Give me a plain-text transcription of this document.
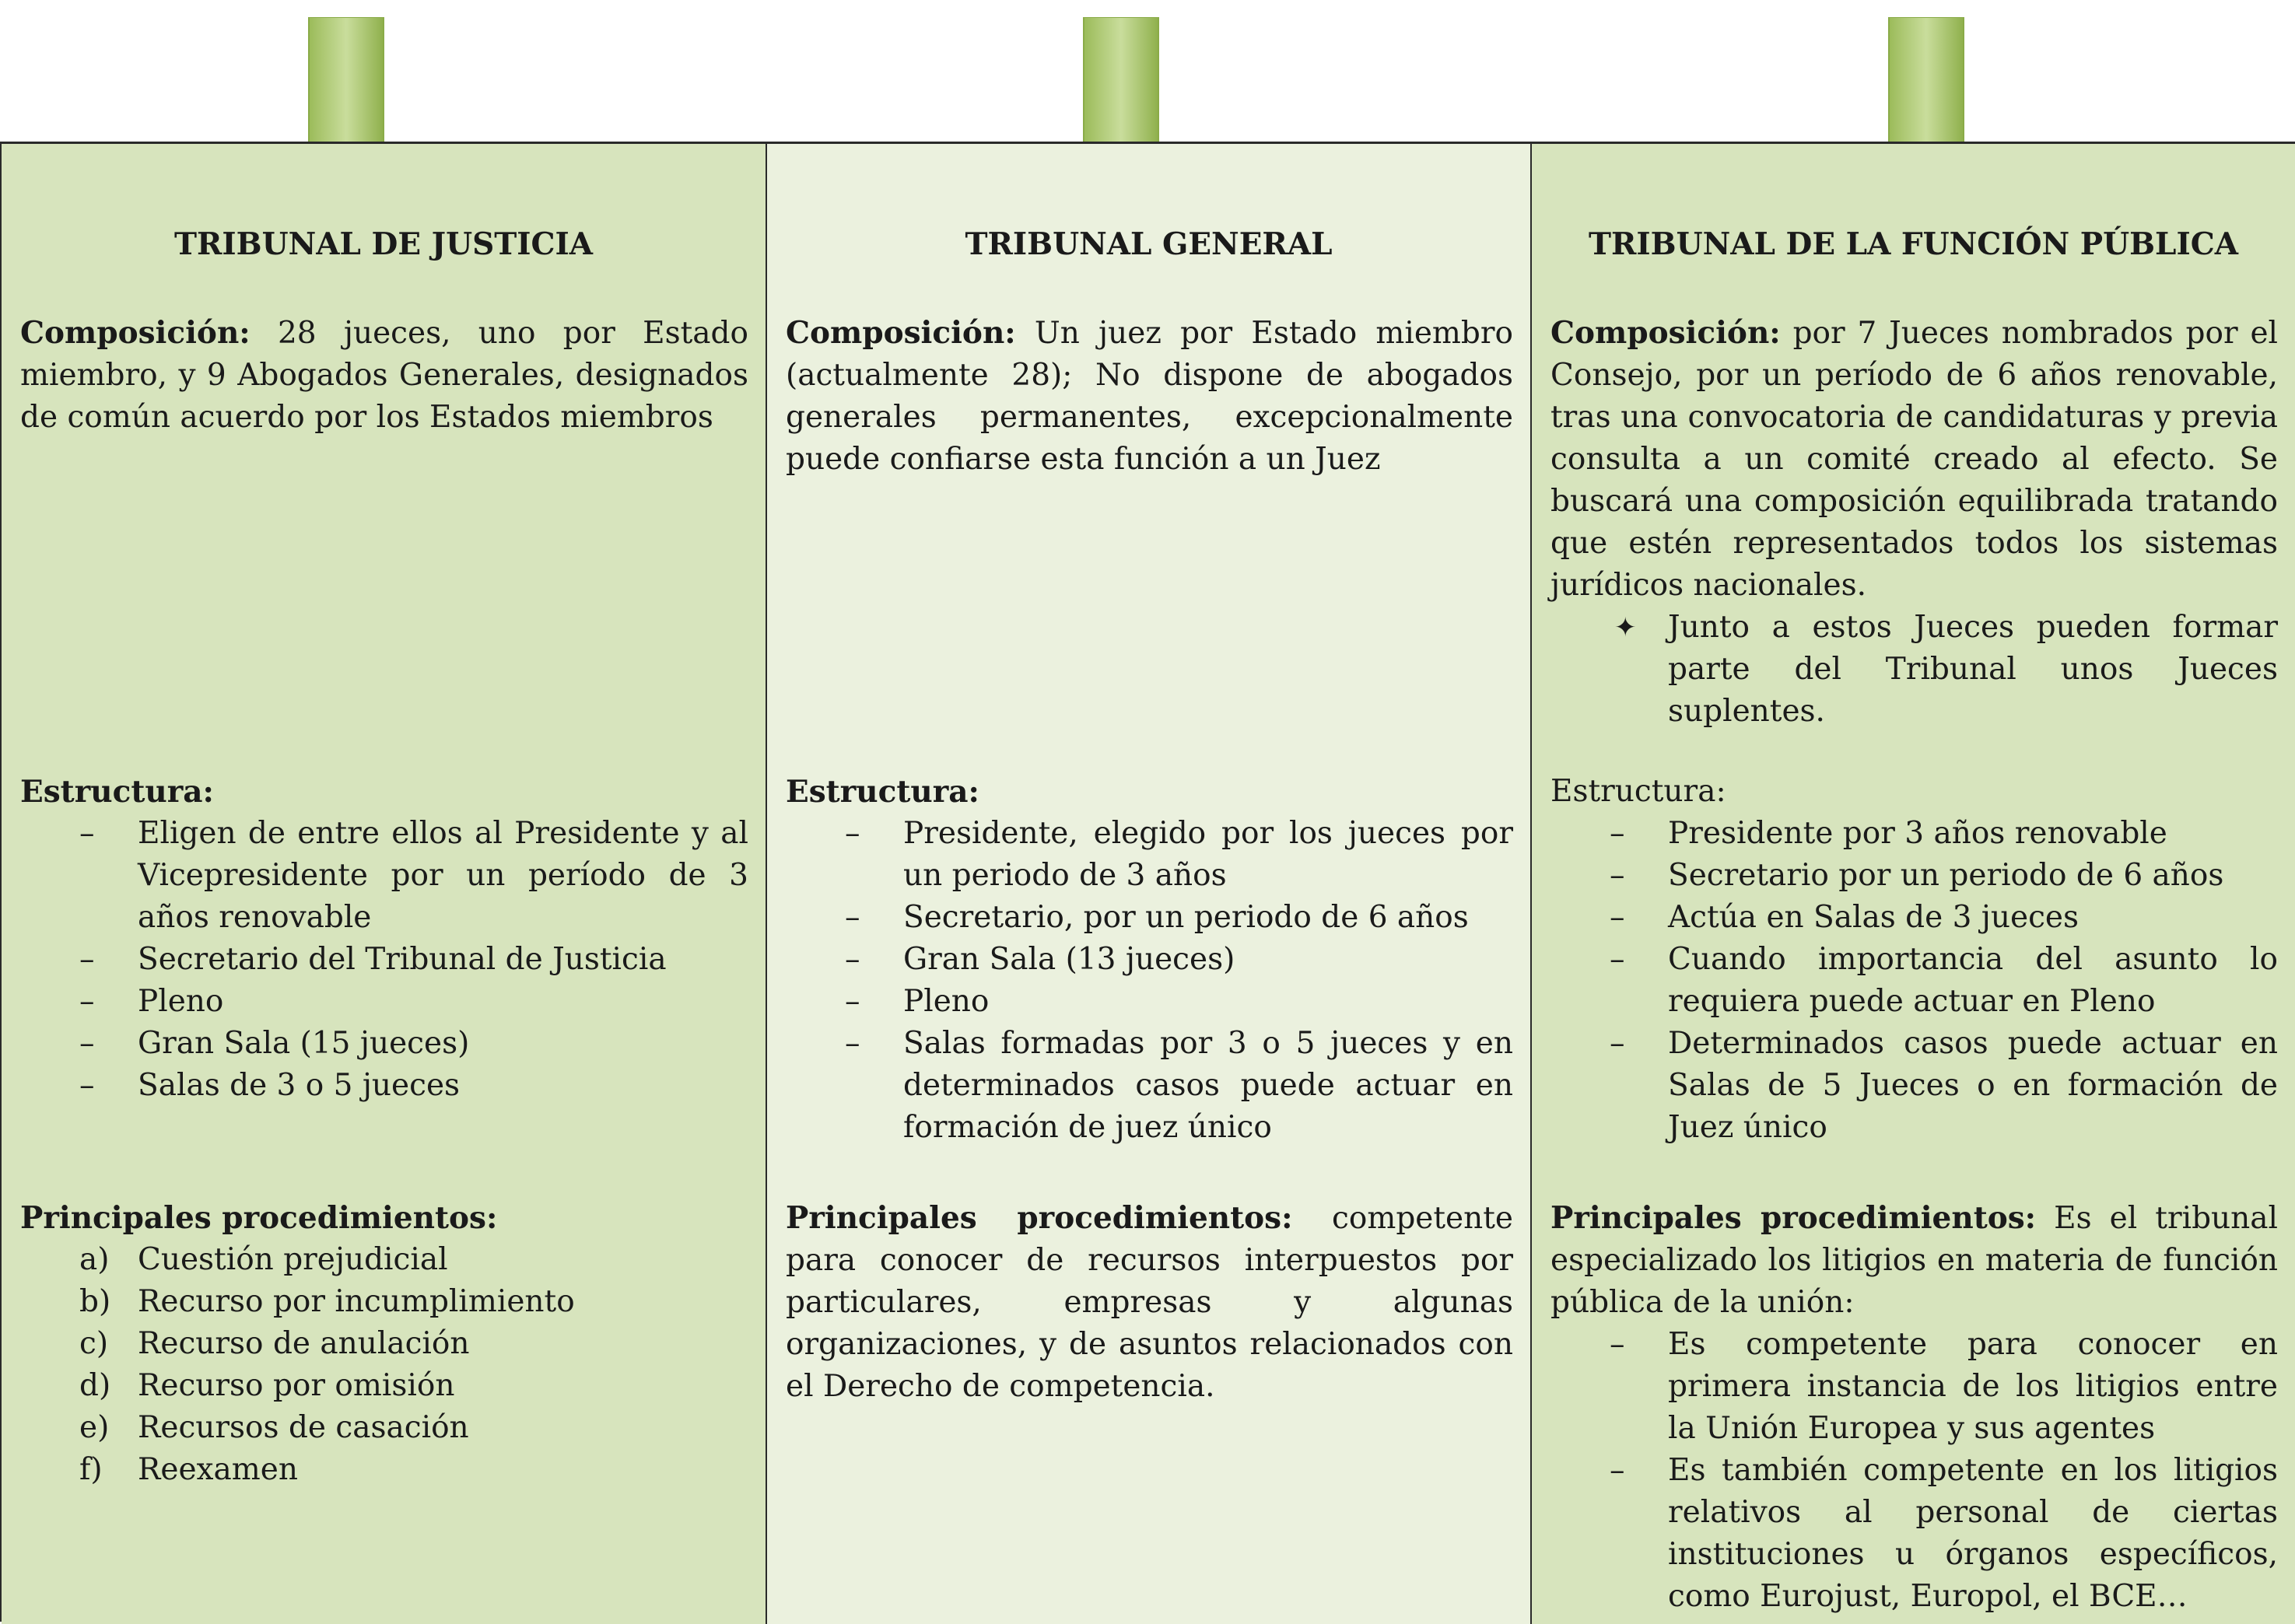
TRIBUNAL DE JUSTICIA

Composición: 28 jueces, uno por Estado miembro, y 9 Abogados Generales, designados de común acuerdo por los Estados miembros

Estructura:

– Eligen de entre ellos al Presidente y al Vicepresidente por un período de 3 años renovable
– Secretario del Tribunal de Justicia
– Pleno
– Gran Sala (15 jueces)
– Salas de 3 o 5 jueces

Principales procedimientos:

a) Cuestión prejudicial
b) Recurso por incumplimiento
c) Recurso de anulación
d) Recurso por omisión
e) Recursos de casación
f) Reexamen
TRIBUNAL GENERAL

Composición: Un juez por Estado miembro (actualmente 28); No dispone de abogados generales permanentes, excepcionalmente puede confiarse esta función a un Juez

Estructura:

– Presidente, elegido por los jueces por un periodo de 3 años
– Secretario, por un periodo de 6 años
– Gran Sala (13 jueces)
– Pleno
– Salas formadas por 3 o 5 jueces y en determinados casos puede actuar en formación de juez único

Principales procedimientos: competente para conocer de recursos interpuestos por particulares, empresas y algunas organizaciones, y de asuntos relacionados con el Derecho de competencia.

TRIBUNAL DE LA FUNCIÓN PÚBLICA

Composición: por 7 Jueces nombrados por el Consejo, por un período de 6 años renovable, tras una convocatoria de candidaturas y previa consulta a un comité creado al efecto. Se buscará una composición equilibrada tratando que estén representados todos los sistemas jurídicos nacionales.

✦ Junto a estos Jueces pueden formar parte del Tribunal unos Jueces suplentes.

Estructura:

– Presidente por 3 años renovable
– Secretario por un periodo de 6 años
– Actúa en Salas de 3 jueces
– Cuando importancia del asunto lo requiera puede actuar en Pleno
– Determinados casos puede actuar en Salas de 5 Jueces o en formación de Juez único

Principales procedimientos: Es el tribunal especializado los litigios en materia de función pública de la unión:

– Es competente para conocer en primera instancia de los litigios entre la Unión Europea y sus agentes
– Es también competente en los litigios relativos al personal de ciertas instituciones u órganos específicos, como Eurojust, Europol, el BCE…
